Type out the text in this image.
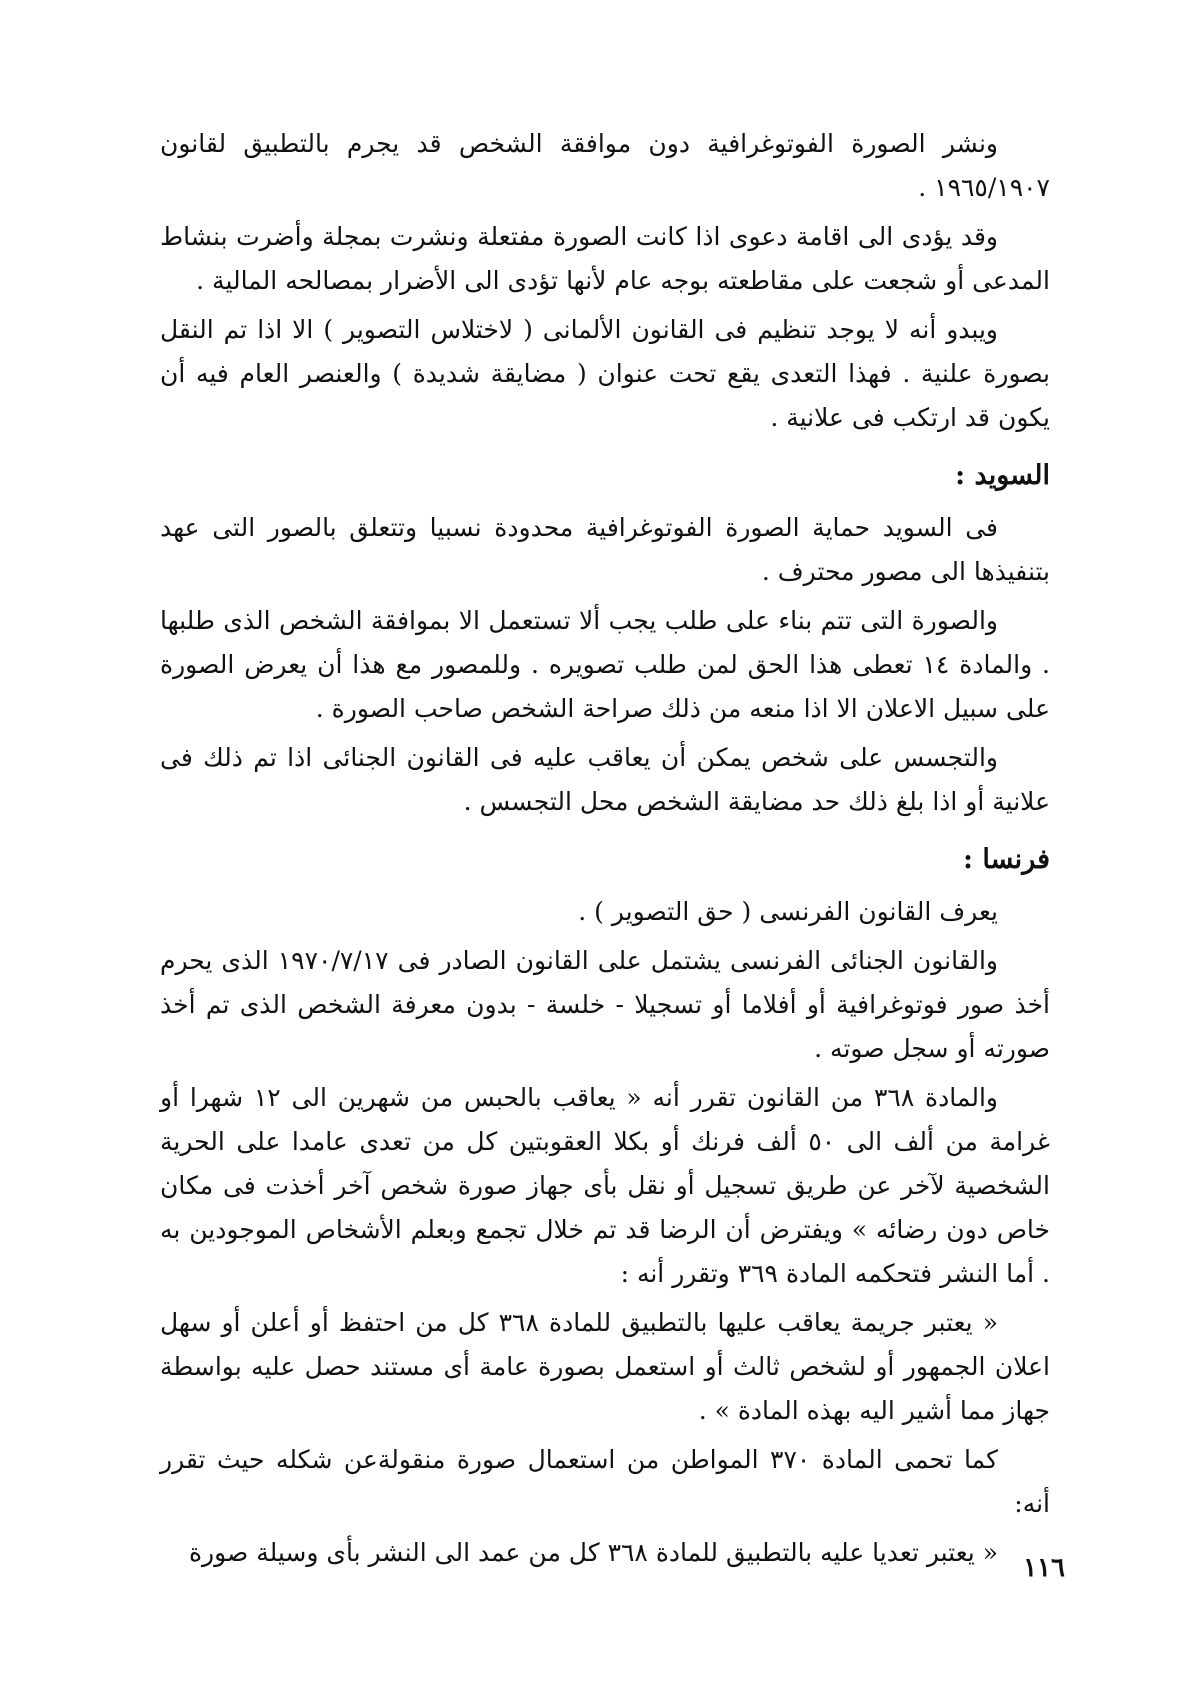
ونشر الصورة الفوتوغرافية دون موافقة الشخص قد يجرم بالتطبيق لقانون ١٩٦٥/١٩٠٧ .

وقد يؤدى الى اقامة دعوى اذا كانت الصورة مفتعلة ونشرت بمجلة وأضرت بنشاط المدعى أو شجعت على مقاطعته بوجه عام لأنها تؤدى الى الأضرار بمصالحه المالية .

ويبدو أنه لا يوجد تنظيم فى القانون الألمانى ( لاختلاس التصوير ) الا اذا تم النقل بصورة علنية . فهذا التعدى يقع تحت عنوان ( مضايقة شديدة ) والعنصر العام فيه أن يكون قد ارتكب فى علانية .

السويد :

فى السويد حماية الصورة الفوتوغرافية محدودة نسبيا وتتعلق بالصور التى عهد بتنفيذها الى مصور محترف .

والصورة التى تتم بناء على طلب يجب ألا تستعمل الا بموافقة الشخص الذى طلبها . والمادة ١٤ تعطى هذا الحق لمن طلب تصويره . وللمصور مع هذا أن يعرض الصورة على سبيل الاعلان الا اذا منعه من ذلك صراحة الشخص صاحب الصورة .

والتجسس على شخص يمكن أن يعاقب عليه فى القانون الجنائى اذا تم ذلك فى علانية أو اذا بلغ ذلك حد مضايقة الشخص محل التجسس .

فرنسا :

يعرف القانون الفرنسى ( حق التصوير ) .

والقانون الجنائى الفرنسى يشتمل على القانون الصادر فى ١٩٧٠/٧/١٧ الذى يحرم أخذ صور فوتوغرافية أو أفلاما أو تسجيلا - خلسة - بدون معرفة الشخص الذى تم أخذ صورته أو سجل صوته .

والمادة ٣٦٨ من القانون تقرر أنه « يعاقب بالحبس من شهرين الى ١٢ شهرا أو غرامة من ألف الى ٥٠ ألف فرنك أو بكلا العقوبتين كل من تعدى عامدا على الحرية الشخصية لآخر عن طريق تسجيل أو نقل بأى جهاز صورة شخص آخر أخذت فى مكان خاص دون رضائه » ويفترض أن الرضا قد تم خلال تجمع وبعلم الأشخاص الموجودين به . أما النشر فتحكمه المادة ٣٦٩ وتقرر أنه :

« يعتبر جريمة يعاقب عليها بالتطبيق للمادة ٣٦٨ كل من احتفظ أو أعلن أو سهل اعلان الجمهور أو لشخص ثالث أو استعمل بصورة عامة أى مستند حصل عليه بواسطة جهاز مما أشير اليه بهذه المادة » .

كما تحمى المادة ٣٧٠ المواطن من استعمال صورة منقولةعن شكله حيث تقرر أنه:

« يعتبر تعديا عليه بالتطبيق للمادة ٣٦٨ كل من عمد الى النشر بأى وسيلة صورة

١١٦
